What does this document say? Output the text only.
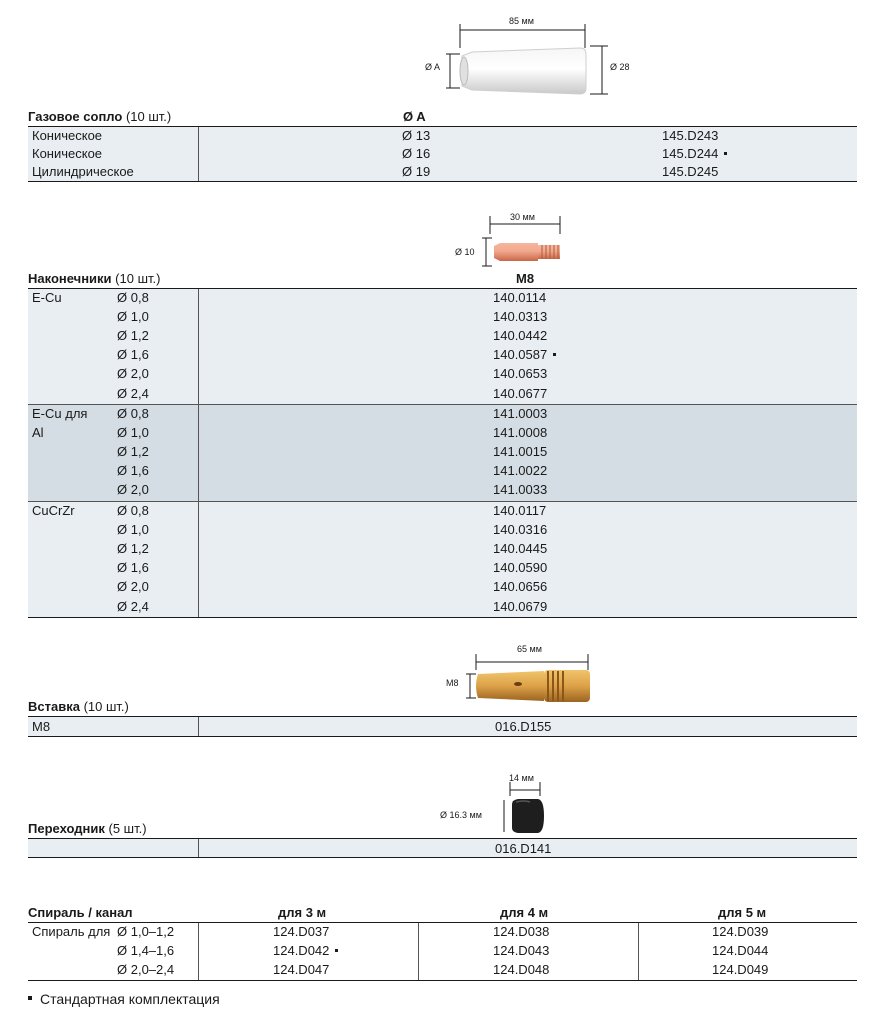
85 мм
Ø A	Ø 28
Газовое сопло (10 шт.)	Ø A
Коническое	Ø 13	145.D243
Коническое	Ø 16	145.D244
Цилиндрическое	Ø 19	145.D245
30 мм
Ø 10
Наконечники (10 шт.)	M8
E-Cu	Ø 0,8	140.0114
Ø 1,0	140.0313
Ø 1,2	140.0442
Ø 1,6	140.0587
Ø 2,0	140.0653
Ø 2,4	140.0677
E-Cu для
Al
Ø 0,8	141.0003
Ø 1,0	141.0008
Ø 1,2	141.0015
Ø 1,6	141.0022
Ø 2,0	141.0033
CuCrZr	Ø 0,8	140.0117
Ø 1,0	140.0316
Ø 1,2	140.0445
Ø 1,6	140.0590
Ø 2,0	140.0656
Ø 2,4	140.0679
65 мм
M8
Вставка (10 шт.)
M8	016.D155
14 мм
Ø 16.3 мм
Переходник (5 шт.)
016.D141
Спираль / канал	для 3 м	для 4 м	для 5 м
Спираль для Ø 1,0–1,2	124.D037	124.D038	124.D039
Ø 1,4–1,6	124.D042	124.D043	124.D044
Ø 2,0–2,4	124.D047	124.D048	124.D049
Стандартная комплектация
